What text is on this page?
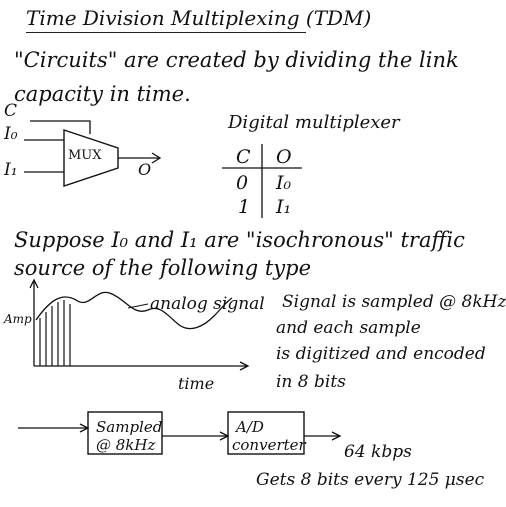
Time Division Multiplexing (TDM)
"Circuits" are created by dividing the link
capacity in time.
C
I₀
I₁
MUX
O
Digital multiplexer
C O
0 I₀
1 I₁
Suppose I₀ and I₁ are "isochronous" traffic
source of the following type
Amp
analog signal
time
Signal is sampled @ 8kHz
and each sample
is digitized and encoded
in 8 bits
Sampled
@ 8kHz
A/D
converter 64 kbps
Gets 8 bits every 125 μsec
